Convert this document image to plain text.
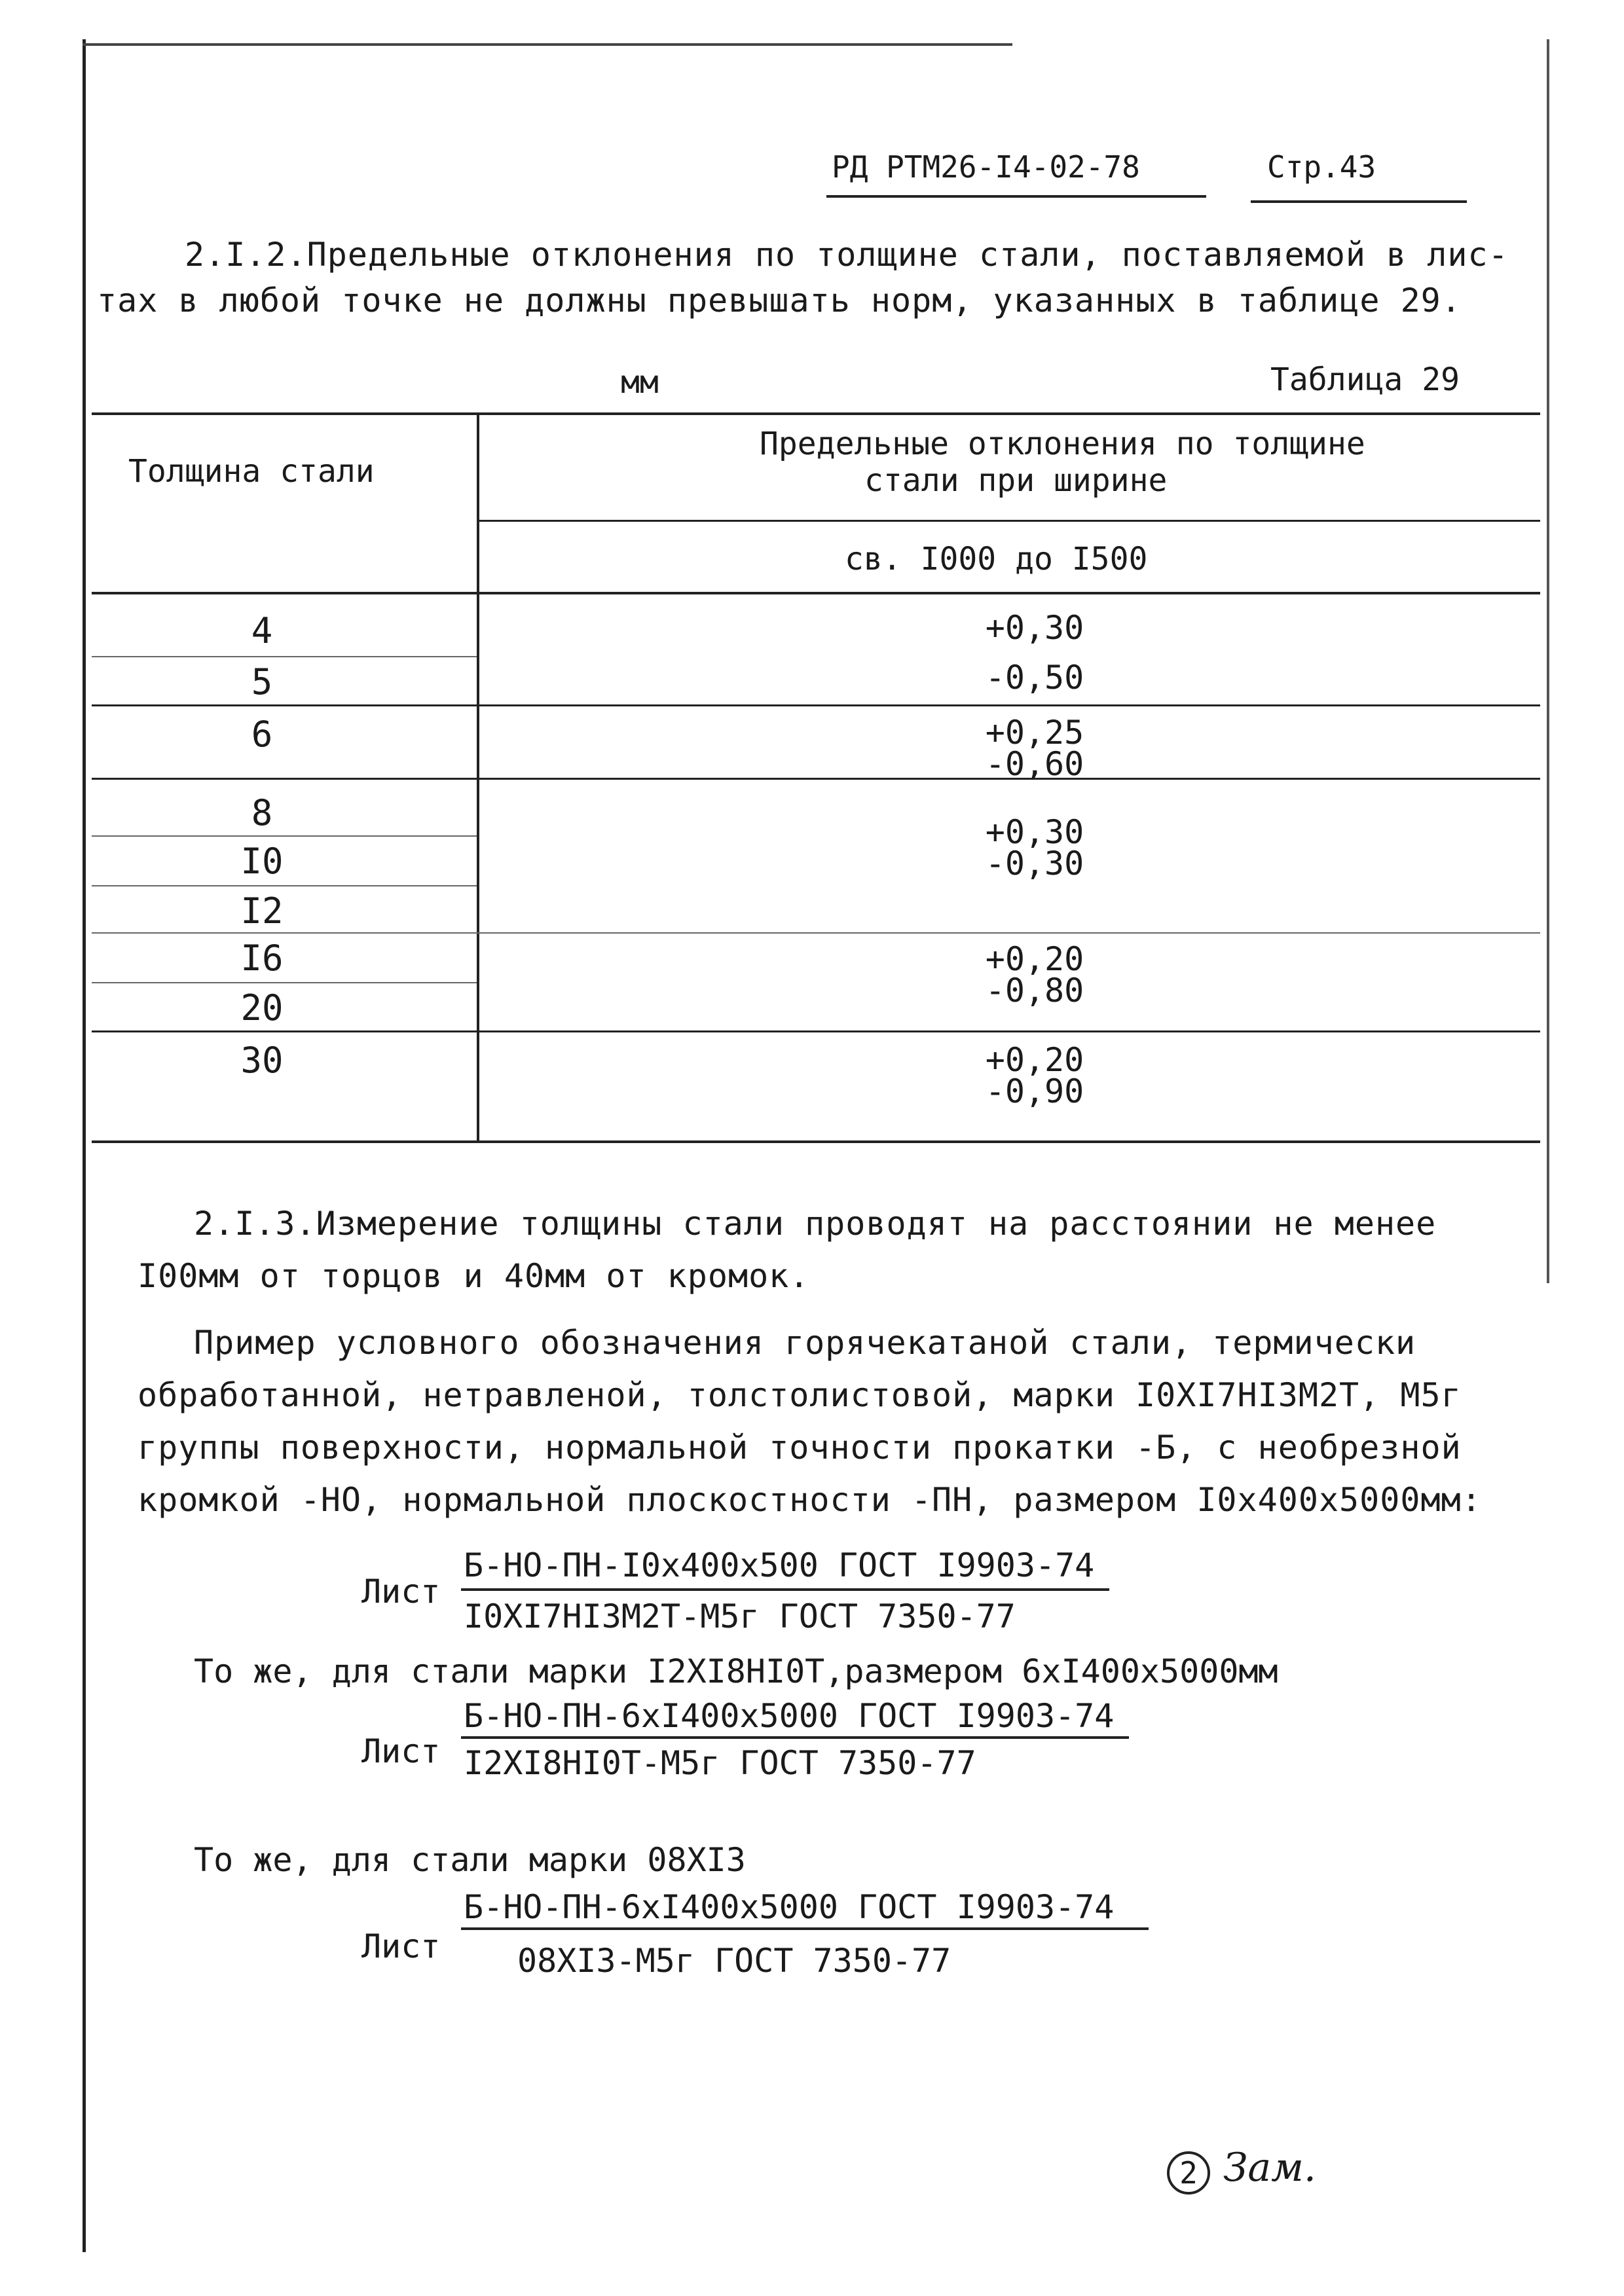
РД РТМ26-I4-02-78	Стр.43
2.I.2.Предельные отклонения по толщине стали, поставляемой в лис-
тах в любой точке не должны превышать норм, указанных в таблице 29.
мм	Таблица 29
Толщина стали
Предельные отклонения по толщине
стали при ширине
св. I000 до I500
4
5
6
8
I0
I2
I6
20
30
+0,30
-0,50
+0,25
-0,60
+0,30
-0,30
+0,20
-0,80
+0,20
-0,90
2.I.3.Измерение толщины стали проводят на расстоянии не менее
I00мм от торцов и 40мм от кромок.
Пример условного обозначения горячекатаной стали, термически
обработанной, нетравленой, толстолистовой, марки I0XI7HI3M2T, M5г
группы поверхности, нормальной точности прокатки -Б, с необрезной
кромкой -НО, нормальной плоскостности -ПН, размером I0x400x5000мм:
Лист
Б-НО-ПН-I0x400x500 ГОСТ I9903-74
I0XI7HI3M2T-M5г ГОСТ 7350-77
То же, для стали марки I2XI8HI0T,размером 6xI400x5000мм
Б-НО-ПН-6xI400x5000 ГОСТ I9903-74
Лист I2XI8HI0T-M5г ГОСТ 7350-77
То же, для стали марки 08XI3
Б-НО-ПН-6xI400x5000 ГОСТ I9903-74
Лист 08XI3-M5г ГОСТ 7350-77
2 Зам.
